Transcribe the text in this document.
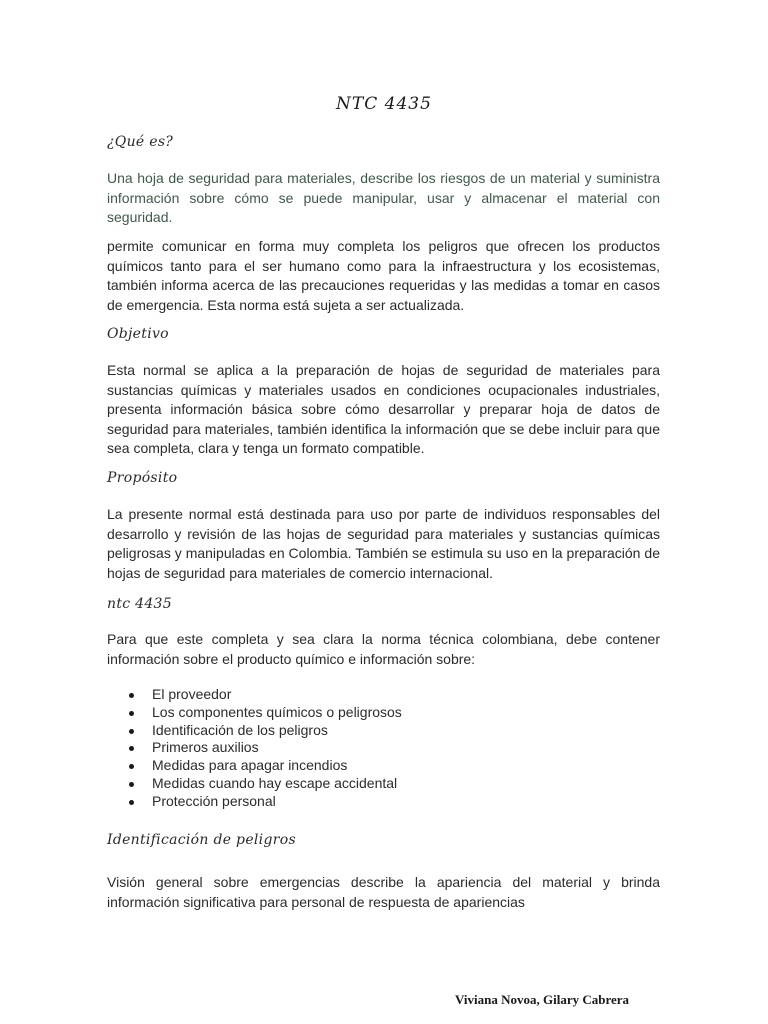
NTC 4435
¿Qué es?

Una hoja de seguridad para materiales, describe los riesgos de un material y suministra información sobre cómo se puede manipular, usar y almacenar el material con seguridad.

permite comunicar en forma muy completa los peligros que ofrecen los productos químicos tanto para el ser humano como para la infraestructura y los ecosistemas, también informa acerca de las precauciones requeridas y las medidas a tomar en casos de emergencia. Esta norma está sujeta a ser actualizada.

Objetivo

Esta normal se aplica a la preparación de hojas de seguridad de materiales para sustancias químicas y materiales usados en condiciones ocupacionales industriales, presenta información básica sobre cómo desarrollar y preparar hoja de datos de seguridad para materiales, también identifica la información que se debe incluir para que sea completa, clara y tenga un formato compatible.

Propósito

La presente normal está destinada para uso por parte de individuos responsables del desarrollo y revisión de las hojas de seguridad para materiales y sustancias químicas peligrosas y manipuladas en Colombia. También se estimula su uso en la preparación de hojas de seguridad para materiales de comercio internacional.

ntc 4435

Para que este completa y sea clara la norma técnica colombiana, debe contener información sobre el producto químico e información sobre:

El proveedor
Los componentes químicos o peligrosos
Identificación de los peligros
Primeros auxilios
Medidas para apagar incendios
Medidas cuando hay escape accidental
Protección personal
Identificación de peligros

Visión general sobre emergencias describe la apariencia del material y brinda información significativa para personal de respuesta de apariencias

Viviana Novoa, Gilary Cabrera
